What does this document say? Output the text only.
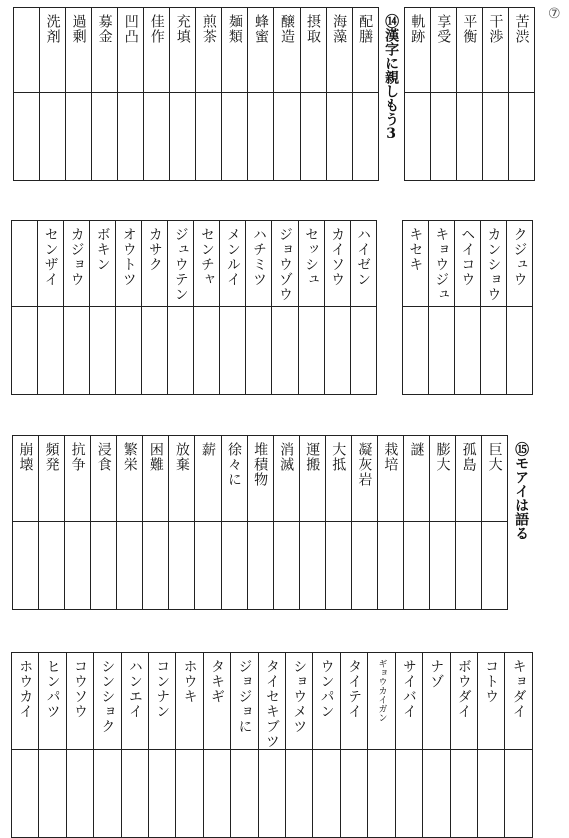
⑦

	洗剤	過剰	募金	凹凸	佳作	充填	煎茶	麺類	蜂蜜	醸造	摂取	海藻	配膳	⑭漢字に親しもう3	軌跡	享受	平衡	干渉	苦渋

	センザイ	カジョウ	ボキン	オウトツ	カサク	ジュウテン	センチャ	メンルイ	ハチミツ	ジョウゾウ	セッシュ	カイソウ	ハイゼン		キセキ	キョウジュ	ヘイコウ	カンショウ	クジュウ

崩壊	頻発	抗争	浸食	繁栄	困難	放棄	薪	徐々に	堆積物	消滅	運搬	大抵	凝灰岩	栽培	謎	膨大	孤島	巨大	⑮モアイは語る

ホウカイ	ヒンパツ	コウソウ	シンショク	ハンエイ	コンナン	ホウキ	タキギ	ジョジョに	タイセキブツ	ショウメツ	ウンパン	タイテイ	ギョウカイガン	サイバイ	ナゾ	ボウダイ	コトウ	キョダイ
